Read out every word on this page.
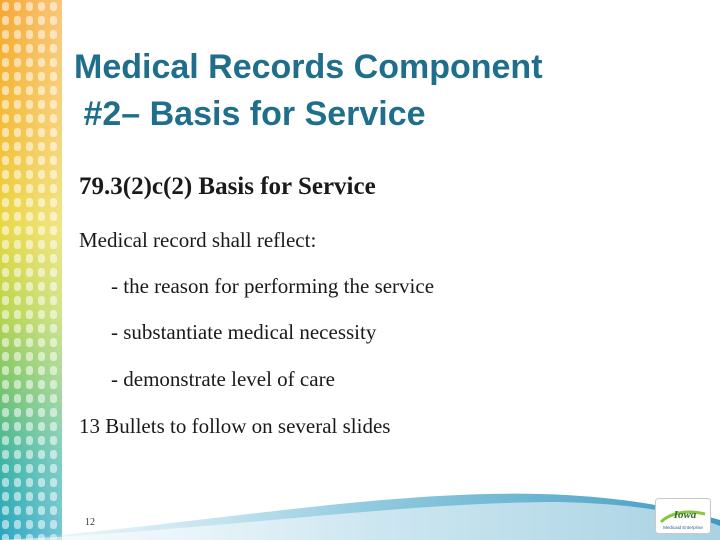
Medical Records Component
#2– Basis for Service
79.3(2)c(2) Basis for Service

Medical record shall reflect:

- the reason for performing the service

- substantiate medical necessity

- demonstrate level of care

13 Bullets to follow on several slides

12
Iowa
Medicaid Enterprise
